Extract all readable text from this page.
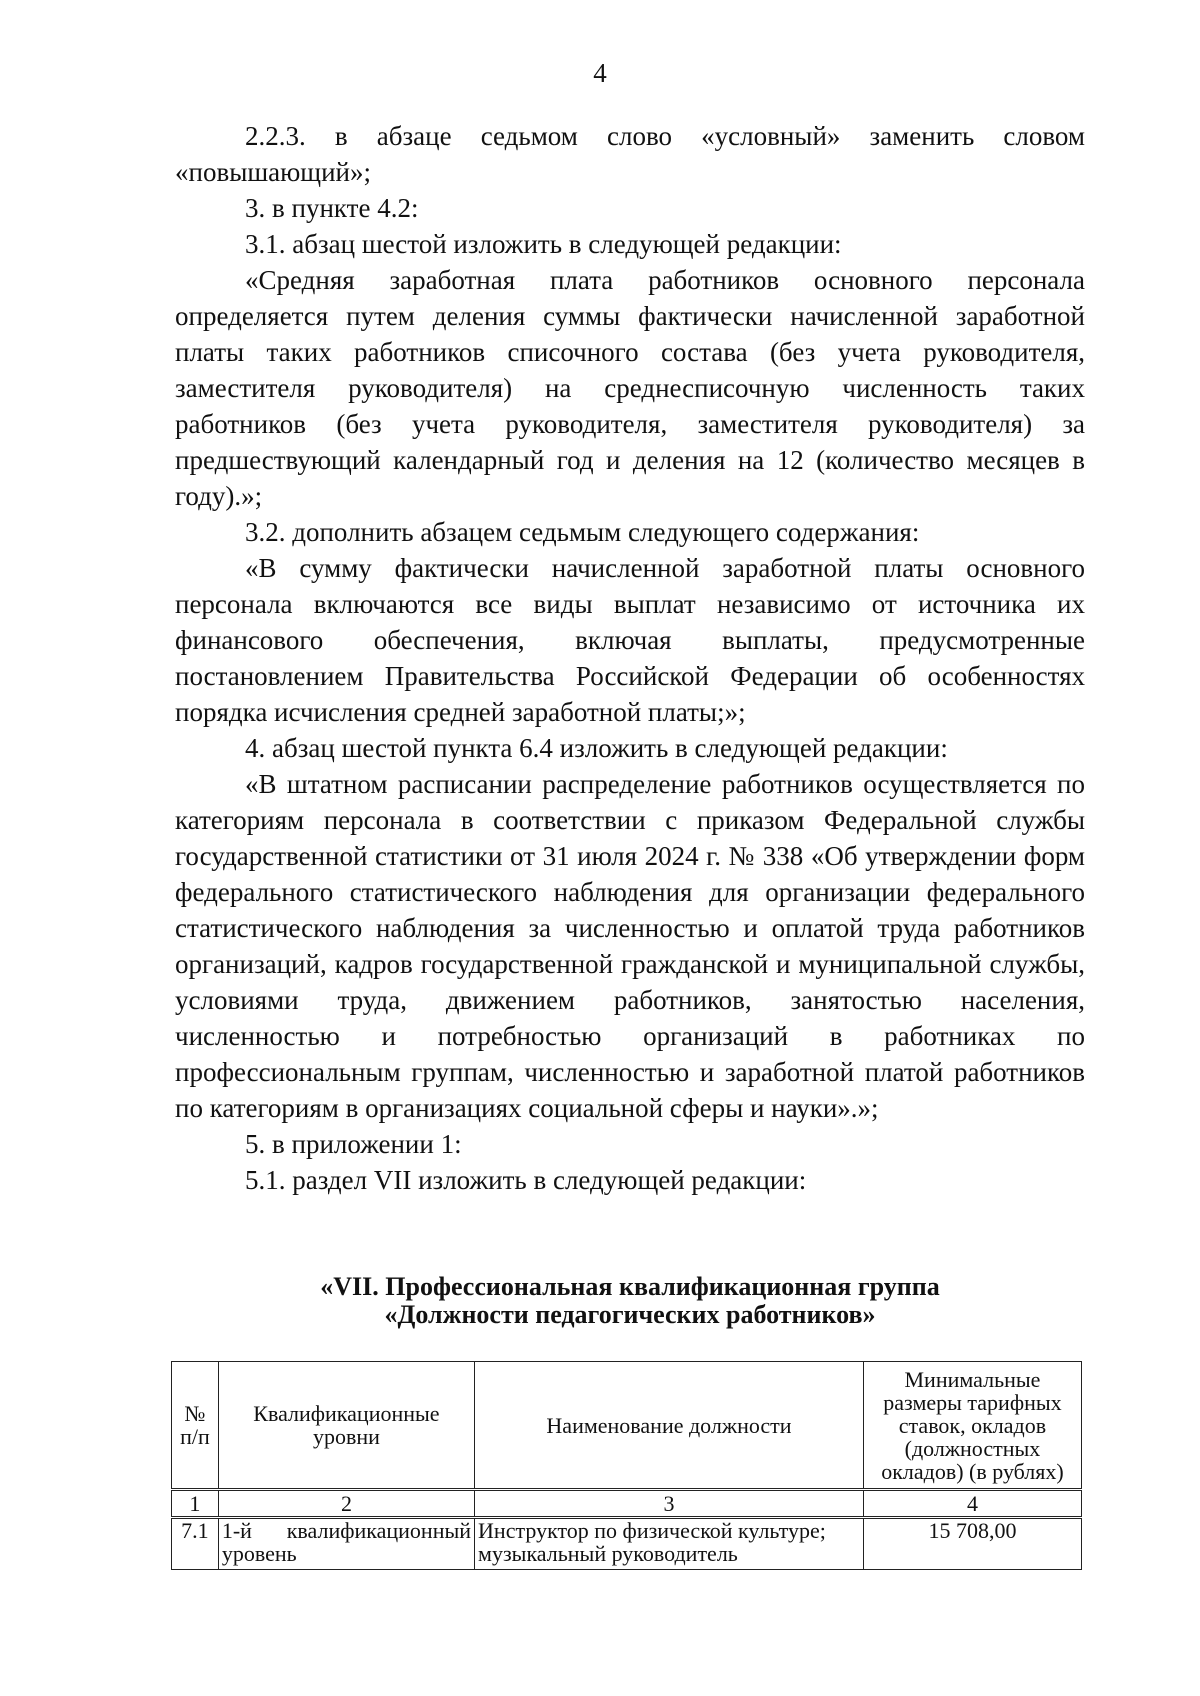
4

2.2.3. в абзаце седьмом слово «условный» заменить словом «повышающий»;

3. в пункте 4.2:

3.1. абзац шестой изложить в следующей редакции:

«Средняя заработная плата работников основного персонала определяется путем деления суммы фактически начисленной заработной платы таких работников списочного состава (без учета руководителя, заместителя руководителя) на среднесписочную численность таких работников (без учета руководителя, заместителя руководителя) за предшествующий календарный год и деления на 12 (количество месяцев в году).»;

3.2. дополнить абзацем седьмым следующего содержания:

«В сумму фактически начисленной заработной платы основного персонала включаются все виды выплат независимо от источника их финансового обеспечения, включая выплаты, предусмотренные постановлением Правительства Российской Федерации об особенностях порядка исчисления средней заработной платы;»;

4. абзац шестой пункта 6.4 изложить в следующей редакции:

«В штатном расписании распределение работников осуществляется по категориям персонала в соответствии с приказом Федеральной службы государственной статистики от 31 июля 2024 г. № 338 «Об утверждении форм федерального статистического наблюдения для организации федерального статистического наблюдения за численностью и оплатой труда работников организаций, кадров государственной гражданской и муниципальной службы, условиями труда, движением работников, занятостью населения, численностью и потребностью организаций в работниках по профессиональным группам, численностью и заработной платой работников по категориям в организациях социальной сферы и науки».»;

5. в приложении 1:

5.1. раздел VII изложить в следующей редакции:

«VII. Профессиональная квалификационная группа
«Должности педагогических работников»
№ п/п	Квалификационные уровни	Наименование должности	Минимальные размеры тарифных ставок, окладов (должностных окладов) (в рублях)
1	2	3	4
7.1	1-й квалификационный уровень	Инструктор по физической культуре; музыкальный руководитель	15 708,00
